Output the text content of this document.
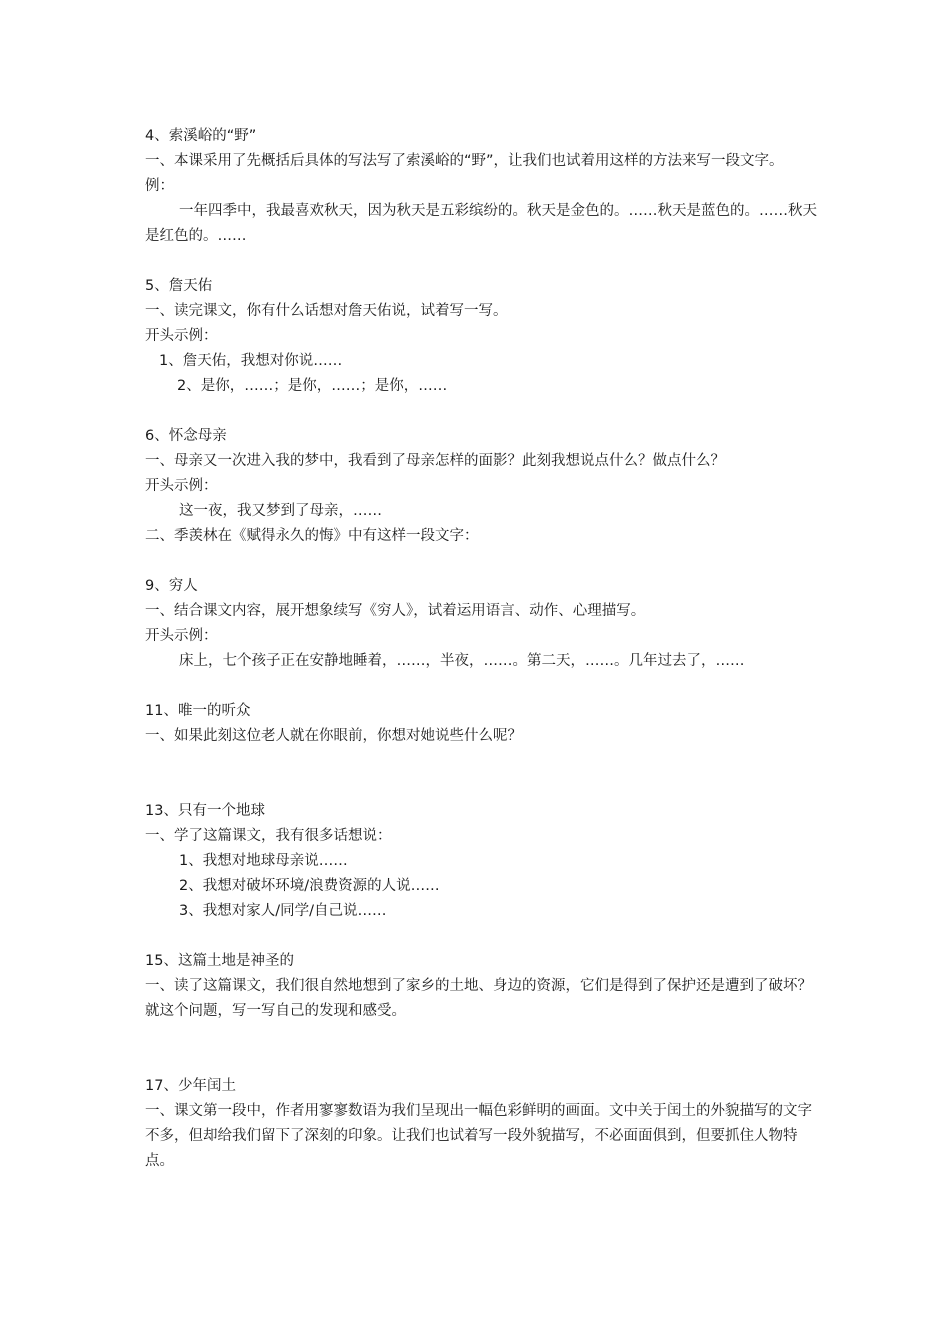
4、索溪峪的“野”
一、本课采用了先概括后具体的写法写了索溪峪的“野”，让我们也试着用这样的方法来写一段文字。
例：
一年四季中，我最喜欢秋天，因为秋天是五彩缤纷的。秋天是金色的。……秋天是蓝色的。……秋天是红色的。……
5、詹天佑
一、读完课文，你有什么话想对詹天佑说，试着写一写。
开头示例：
1、詹天佑，我想对你说……
2、是你，……；是你，……；是你，……
6、怀念母亲
一、母亲又一次进入我的梦中，我看到了母亲怎样的面影？此刻我想说点什么？做点什么？
开头示例：
这一夜，我又梦到了母亲，……
二、季羡林在《赋得永久的悔》中有这样一段文字：
9、穷人
一、结合课文内容，展开想象续写《穷人》，试着运用语言、动作、心理描写。
开头示例：
床上，七个孩子正在安静地睡着，……，半夜，……。第二天，……。几年过去了，……
11、唯一的听众
一、如果此刻这位老人就在你眼前，你想对她说些什么呢？
13、只有一个地球
一、学了这篇课文，我有很多话想说：
1、我想对地球母亲说……
2、我想对破坏环境/浪费资源的人说……
3、我想对家人/同学/自己说……
15、这篇土地是神圣的
一、读了这篇课文，我们很自然地想到了家乡的土地、身边的资源，它们是得到了保护还是遭到了破坏？就这个问题，写一写自己的发现和感受。
17、少年闰土
一、课文第一段中，作者用寥寥数语为我们呈现出一幅色彩鲜明的画面。文中关于闰土的外貌描写的文字不多，但却给我们留下了深刻的印象。让我们也试着写一段外貌描写，不必面面俱到，但要抓住人物特点。
